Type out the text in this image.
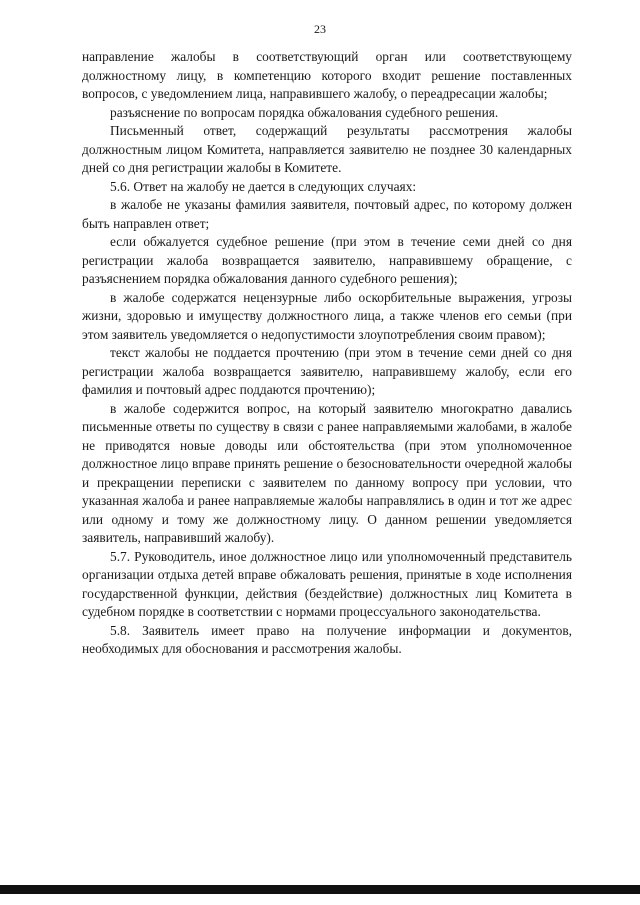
23

направление жалобы в соответствующий орган или соответствующему должностному лицу, в компетенцию которого входит решение поставленных вопросов, с уведомлением лица, направившего жалобу, о переадресации жалобы;

разъяснение по вопросам порядка обжалования судебного решения.

Письменный ответ, содержащий результаты рассмотрения жалобы должностным лицом Комитета, направляется заявителю не позднее 30 календарных дней со дня регистрации жалобы в Комитете.

5.6. Ответ на жалобу не дается в следующих случаях:

в жалобе не указаны фамилия заявителя, почтовый адрес, по которому должен быть направлен ответ;

если обжалуется судебное решение (при этом в течение семи дней со дня регистрации жалоба возвращается заявителю, направившему обращение, с разъяснением порядка обжалования данного судебного решения);

в жалобе содержатся нецензурные либо оскорбительные выражения, угрозы жизни, здоровью и имуществу должностного лица, а также членов его семьи (при этом заявитель уведомляется о недопустимости злоупотребления своим правом);

текст жалобы не поддается прочтению (при этом в течение семи дней со дня регистрации жалоба возвращается заявителю, направившему жалобу, если его фамилия и почтовый адрес поддаются прочтению);

в жалобе содержится вопрос, на который заявителю многократно давались письменные ответы по существу в связи с ранее направляемыми жалобами, в жалобе не приводятся новые доводы или обстоятельства (при этом уполномоченное должностное лицо вправе принять решение о безосновательности очередной жалобы и прекращении переписки с заявителем по данному вопросу при условии, что указанная жалоба и ранее направляемые жалобы направлялись в один и тот же адрес или одному и тому же должностному лицу. О данном решении уведомляется заявитель, направивший жалобу).

5.7. Руководитель, иное должностное лицо или уполномоченный представитель организации отдыха детей вправе обжаловать решения, принятые в ходе исполнения государственной функции, действия (бездействие) должностных лиц Комитета в судебном порядке в соответствии с нормами процессуального законодательства.

5.8. Заявитель имеет право на получение информации и документов, необходимых для обоснования и рассмотрения жалобы.
